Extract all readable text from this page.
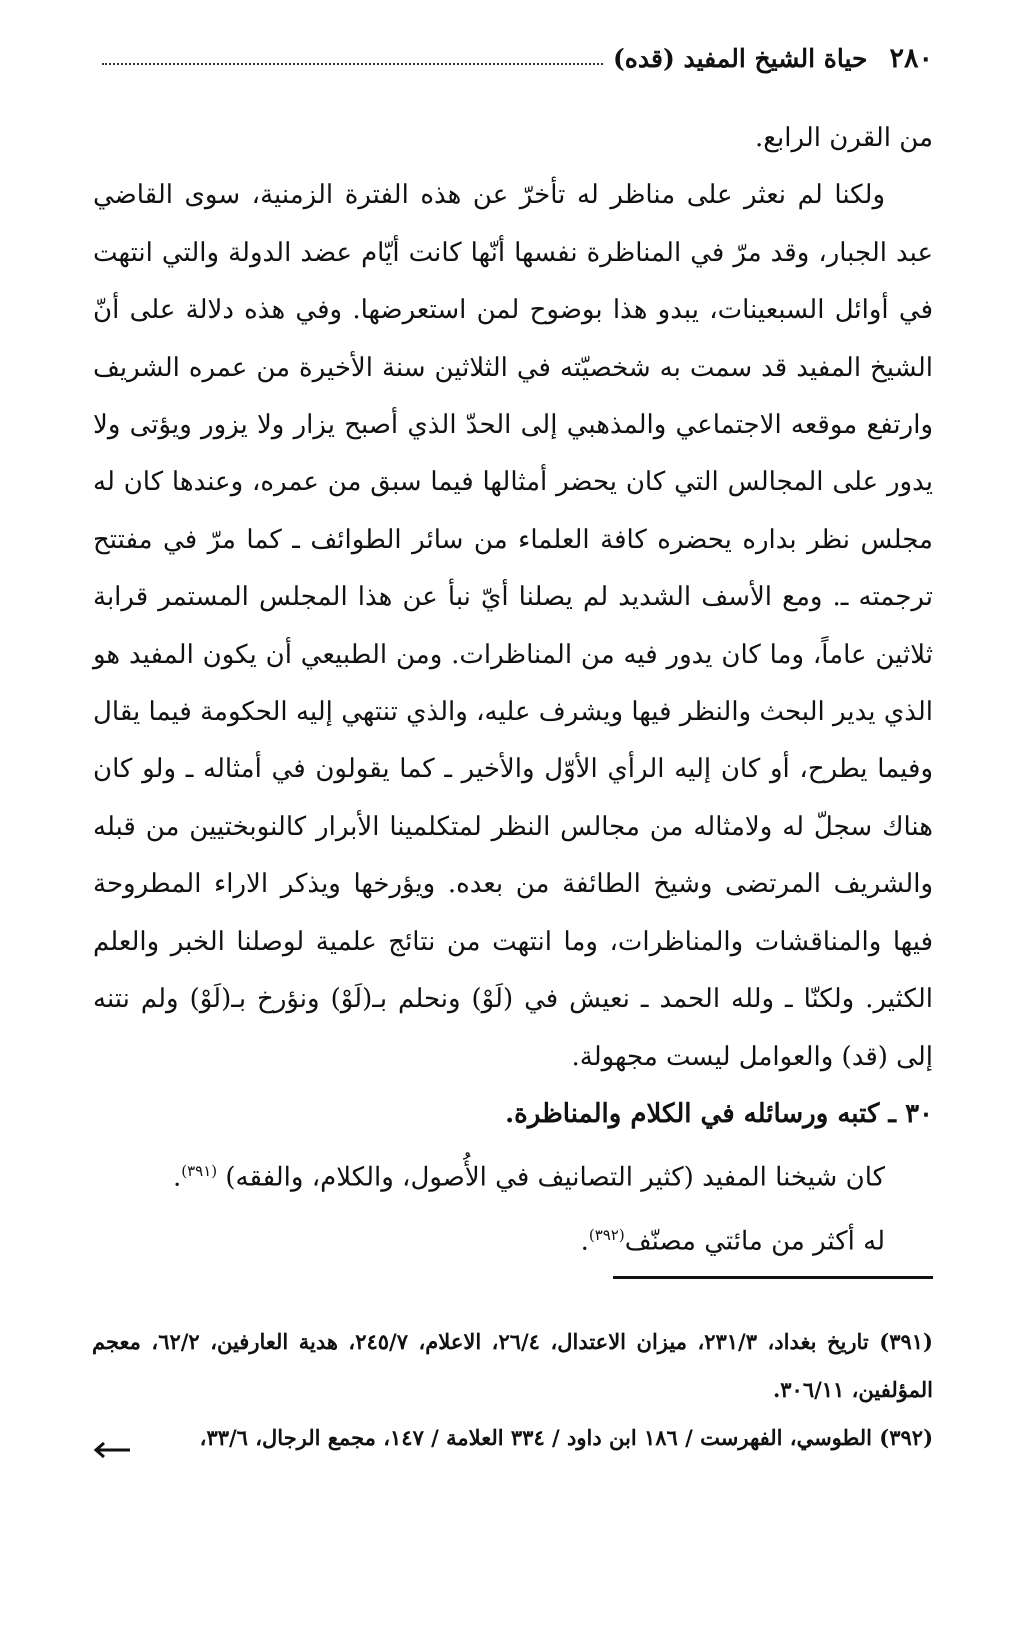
٢٨٠
حياة الشيخ المفيد (قده)

من القرن الرابع.

ولكنا لم نعثر على مناظر له تأخرّ عن هذه الفترة الزمنية، سوى القاضي عبد الجبار، وقد مرّ في المناظرة نفسها أنّها كانت أيّام عضد الدولة والتي انتهت في أوائل السبعينات، يبدو هذا بوضوح لمن استعرضها. وفي هذه دلالة على أنّ الشيخ المفيد قد سمت به شخصيّته في الثلاثين سنة الأخيرة من عمره الشريف وارتفع موقعه الاجتماعي والمذهبي إلى الحدّ الذي أصبح يزار ولا يزور ويؤتى ولا يدور على المجالس التي كان يحضر أمثالها فيما سبق من عمره، وعندها كان له مجلس نظر بداره يحضره كافة العلماء من سائر الطوائف ـ كما مرّ في مفتتح ترجمته ـ. ومع الأسف الشديد لم يصلنا أيّ نبأ عن هذا المجلس المستمر قرابة ثلاثين عاماً، وما كان يدور فيه من المناظرات. ومن الطبيعي أن يكون المفيد هو الذي يدير البحث والنظر فيها ويشرف عليه، والذي تنتهي إليه الحكومة فيما يقال وفيما يطرح، أو كان إليه الرأي الأوّل والأخير ـ كما يقولون في أمثاله ـ ولو كان هناك سجلّ له ولامثاله من مجالس النظر لمتكلمينا الأبرار كالنوبختيين من قبله والشريف المرتضى وشيخ الطائفة من بعده. ويؤرخها ويذكر الاراء المطروحة فيها والمناقشات والمناظرات، وما انتهت من نتائج علمية لوصلنا الخبر والعلم الكثير. ولكنّا ـ ولله الحمد ـ نعيش في (لَوْ) ونحلم بـ(لَوْ) ونؤرخ بـ(لَوْ) ولم نتنه إلى (قد) والعوامل ليست مجهولة.

٣٠ ـ كتبه ورسائله في الكلام والمناظرة.

كان شيخنا المفيد (كثير التصانيف في الأُصول، والكلام، والفقه) $^{(٣٩١)}$.

له أكثر من مائتي مصنّف$^{(٣٩٢)}$.

(٣٩١) تاريخ بغداد، ٢٣١/٣، ميزان الاعتدال، ٢٦/٤، الاعلام، ٢٤٥/٧، هدية العارفين، ٦٢/٢، معجم المؤلفين، ٣٠٦/١١.

(٣٩٢) الطوسي، الفهرست / ١٨٦ ابن داود / ٣٣٤ العلامة / ١٤٧، مجمع الرجال، ٣٣/٦،
